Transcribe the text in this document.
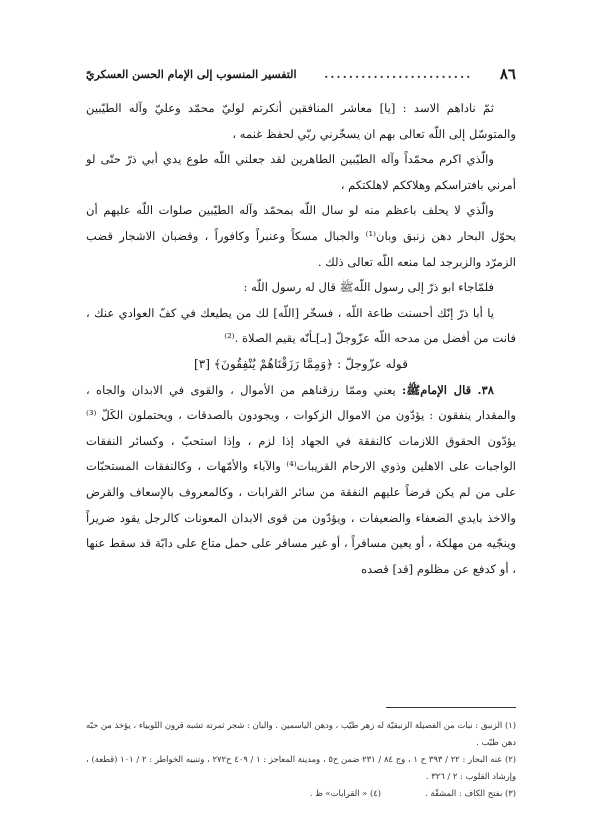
٨٦
........................
التفسير المنسوب إلى الإمام الحسن العسكريّ

ثمّ ناداهم الاسد : [يا] معاشر المنافقين أنكرتم لوليّ محمّد وعليّ وآله الطيّبين والمتوسّل إلى اللّه تعالى بهم ان يسخّرني ربّي لحفظ غنمه ،

والّذي اكرم محمّداً وآله الطيّبين الطاهرين لقد جعلني اللّه طوع يدي أبي ذرّ حتّى لو أمرني بافتراسكم وهلاككم لاهلكتكم ،

والّذي لا يحلف باعظم منه لو سال اللّه بمحمّد وآله الطيّبين صلوات اللّه عليهم أن يحوّل البحار دهن زنبق وبان⁽¹⁾ والجبال مسكاً وعنبراً وكافوراً ، وقضبان الاشجار قضب الزمرّد والزبرجد لما منعه اللّه تعالى ذلك .

فلمّاجاء ابو ذرّ إلى رسول اللّهﷺ قال له رسول اللّه :

يا أبا ذرّ إنّك أحسنت طاعة اللّه ، فسخّر [اللّه] لك من يطيعك في كفّ العوادي عنك ، فانت من أفضل من مدحه اللّه عزّوجلّ [بـ]ـأنّه يقيم الصلاة .⁽²⁾

قوله عزّوجلّ : ﴿وَمِمَّا رَزَقْنَاهُمْ يُنْفِقُونَ﴾ [٣]

٣٨. قال الإمامﷺ: يعني وممّا رزقناهم من الأموال ، والقوى في الابدان والجاه ، والمقدار ينفقون : يؤدّون من الاموال الزكوات ، ويجودون بالصدقات ، ويحتملون الكَلّ ⁽³⁾ يؤدّون الحقوق اللازمات كالنفقة في الجهاد إذا لزم ، وإذا استحبّ ، وكسائر النفقات الواجبات على الاهلين وذوي الارحام القريبات⁽⁴⁾ والآباء والأمّهات ، وكالنفقات المستحبّات على من لم يكن فرضاً عليهم النفقة من سائر القرابات ، وكالمعروف بالإسعاف والقرض والاخذ بايدي الضعفاء والضعيفات ، ويؤدّون من قوى الابدان المعونات كالرجل يقود ضريراً وينجّيه من مهلكة ، أو يعين مسافراً ، أو غير مسافر على حمل متاع على دابّة قد سقط عنها ، أو كدفع عن مظلوم [قد] قصده

(١) الزنبق : نبات من الفصيلة الزنبقيّة له زهر طيّب ، ودهن الياسمين . والبان : شجر ثمرته تشبه قرون اللوبياء ، يؤخذ من حبّه دهن طيّب .

(٢) عنه البحار : ٢٢ / ٣٩٣ ح ١ ، وج ٨٤ / ٢٣١ ضمن ح٥ ، ومدينة المعاجز : ١ / ٤٠٩ ح٢٧٢ ، وتنبيه الخواطر : ٢ / ١٠١ (قطعة) ، وإرشاد القلوب : ٢ / ٣٢٦ .

(٣) بفتح الكاف : المشقّة .
(٤) « القرابات» ظ .
